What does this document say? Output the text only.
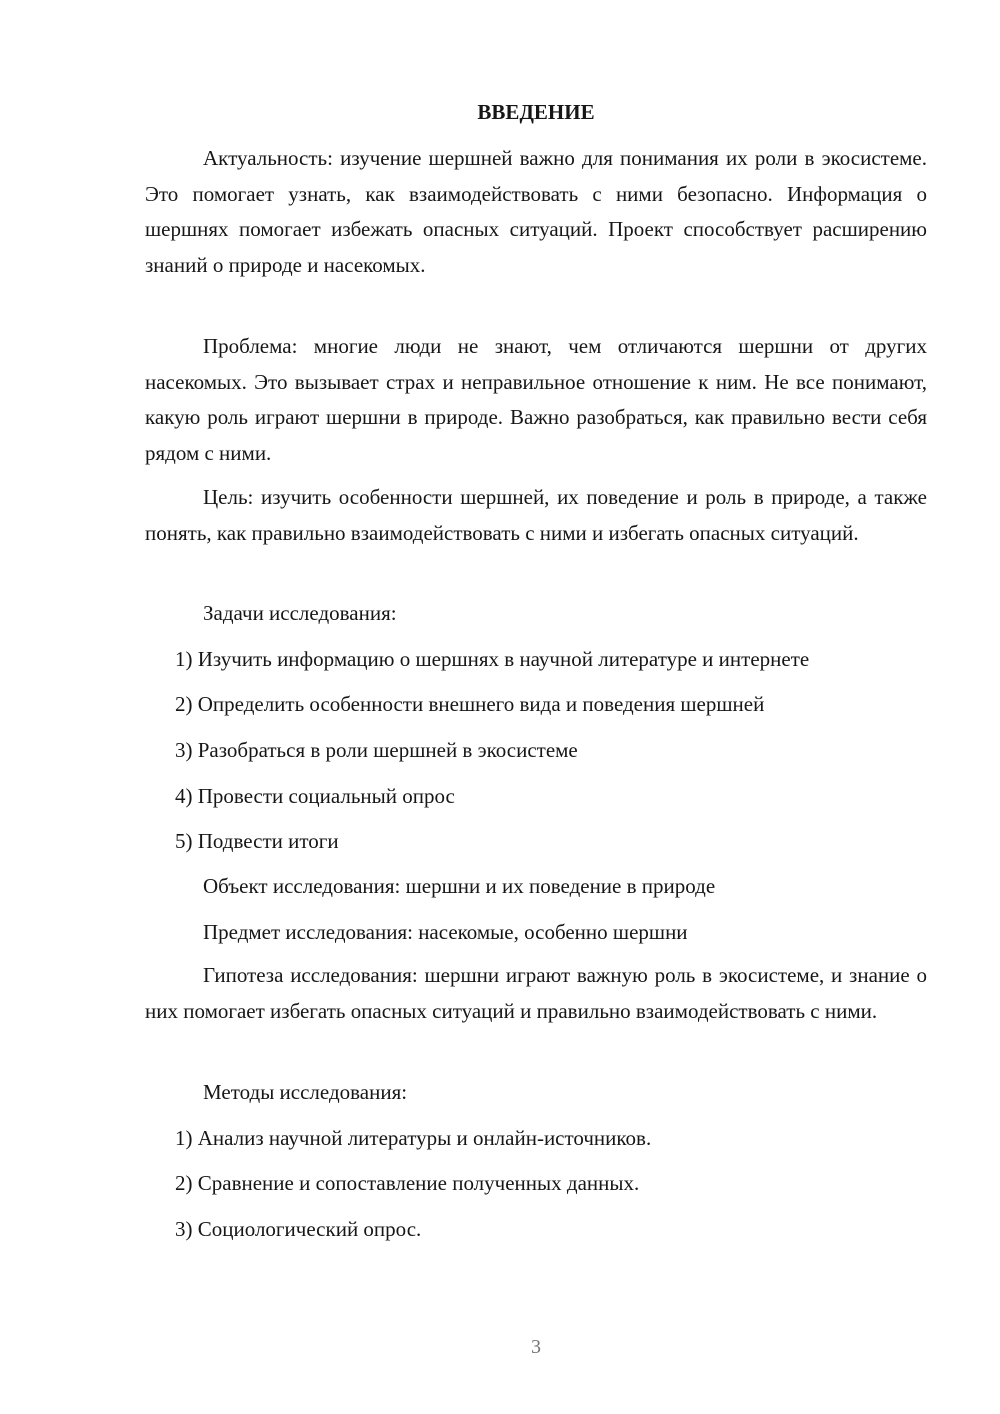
ВВЕДЕНИЕ

Актуальность: изучение шершней важно для понимания их роли в экосистеме. Это помогает узнать, как взаимодействовать с ними безопасно. Информация о шершнях помогает избежать опасных ситуаций. Проект способствует расширению знаний о природе и насекомых.

Проблема: многие люди не знают, чем отличаются шершни от других насекомых. Это вызывает страх и неправильное отношение к ним. Не все понимают, какую роль играют шершни в природе. Важно разобраться, как правильно вести себя рядом с ними.

Цель: изучить особенности шершней, их поведение и роль в природе, а также понять, как правильно взаимодействовать с ними и избегать опасных ситуаций.

Задачи исследования:

1) Изучить информацию о шершнях в научной литературе и интернете

2) Определить особенности внешнего вида и поведения шершней

3) Разобраться в роли шершней в экосистеме

4) Провести социальный опрос

5) Подвести итоги

Объект исследования: шершни и их поведение в природе

Предмет исследования: насекомые, особенно шершни

Гипотеза исследования: шершни играют важную роль в экосистеме, и знание о них помогает избегать опасных ситуаций и правильно взаимодействовать с ними.

Методы исследования:

1) Анализ научной литературы и онлайн-источников.

2) Сравнение и сопоставление полученных данных.

3) Социологический опрос.

3
